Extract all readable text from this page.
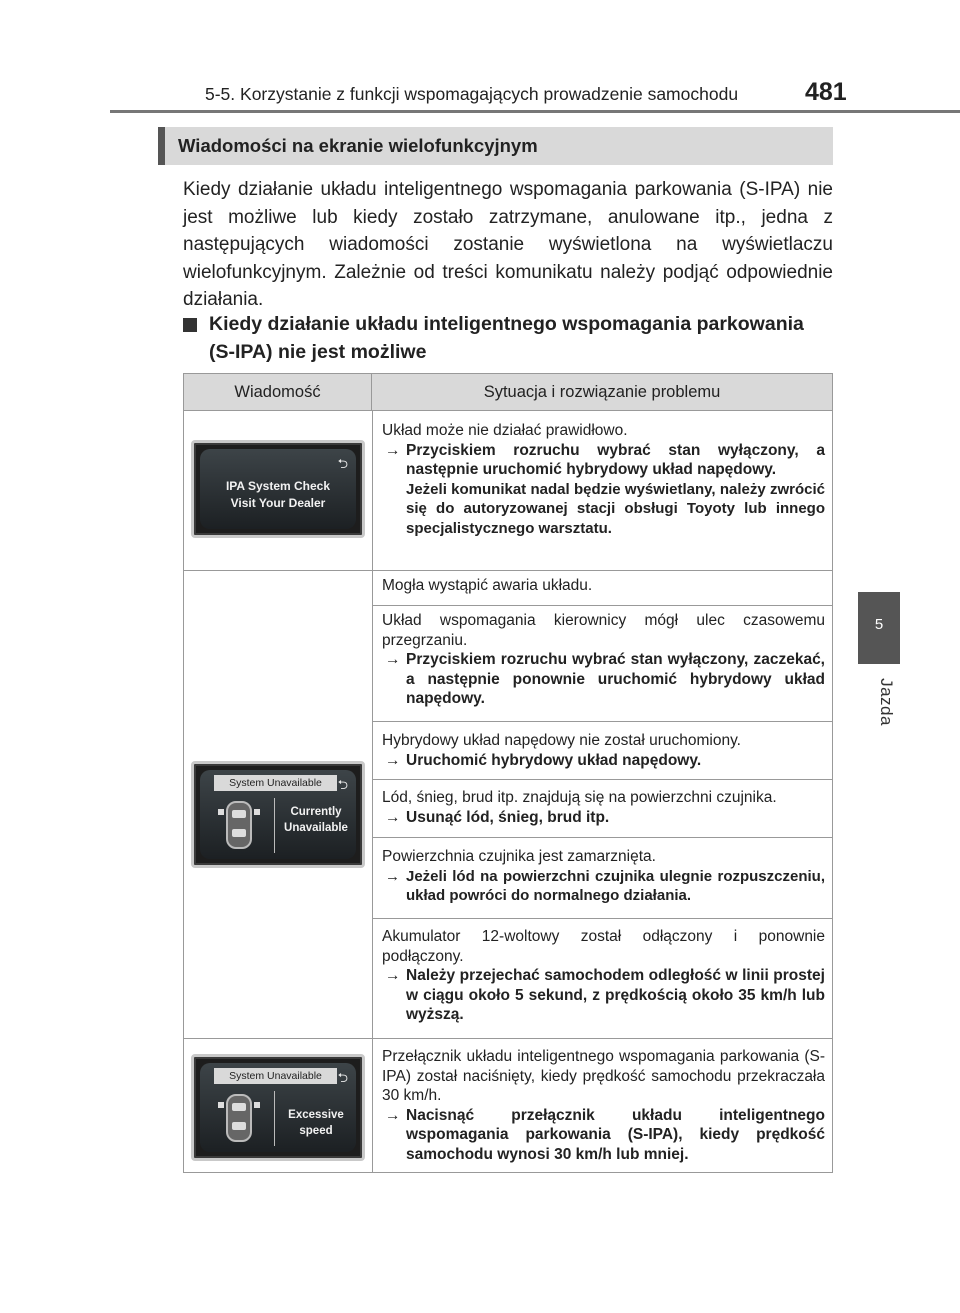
5-5. Korzystanie z funkcji wspomagających prowadzenie samochodu	481
5
Jazda
Wiadomości na ekranie wielofunkcyjnym
Kiedy działanie układu inteligentnego wspomagania parkowania (S-IPA) nie jest możliwe lub kiedy zostało zatrzymane, anulowane itp., jedna z następujących wiadomości zostanie wyświetlona na wyświetlaczu wielofunkcyjnym. Zależnie od treści komunikatu należy podjąć odpowiednie działania.
Kiedy działanie układu inteligentnego wspomagania parkowania (S-IPA) nie jest możliwe
Wiadomość	Sytuacja i rozwiązanie problemu
⮌
IPA System Check
Visit Your Dealer
Układ może nie działać prawidłowo.
→ Przyciskiem rozruchu wybrać stan wyłączony, a następnie uruchomić hybrydowy układ napędowy.
Jeżeli komunikat nadal będzie wyświetlany, należy zwrócić się do autoryzowanej stacji obsługi Toyoty lub innego specjalistycznego warsztatu.
System Unavailable	⮌
Currently
Unavailable
Mogła wystąpić awaria układu.
Układ wspomagania kierownicy mógł ulec czasowemu przegrzaniu.
→ Przyciskiem rozruchu wybrać stan wyłączony, zaczekać, a następnie ponownie uruchomić hybrydowy układ napędowy.
Hybrydowy układ napędowy nie został uruchomiony.
→ Uruchomić hybrydowy układ napędowy.
Lód, śnieg, brud itp. znajdują się na powierzchni czujnika.
→ Usunąć lód, śnieg, brud itp.
Powierzchnia czujnika jest zamarznięta.
→ Jeżeli lód na powierzchni czujnika ulegnie rozpuszczeniu, układ powróci do normalnego działania.
Akumulator 12-woltowy został odłączony i ponownie podłączony.
→ Należy przejechać samochodem odległość w linii prostej w ciągu około 5 sekund, z prędkością około 35 km/h lub wyższą.
System Unavailable	⮌
Excessive speed
Przełącznik układu inteligentnego wspomagania parkowania (S-IPA) został naciśnięty, kiedy prędkość samochodu przekraczała 30 km/h.
→ Nacisnąć przełącznik układu inteligentnego wspomagania parkowania (S-IPA), kiedy prędkość samochodu wynosi 30 km/h lub mniej.
